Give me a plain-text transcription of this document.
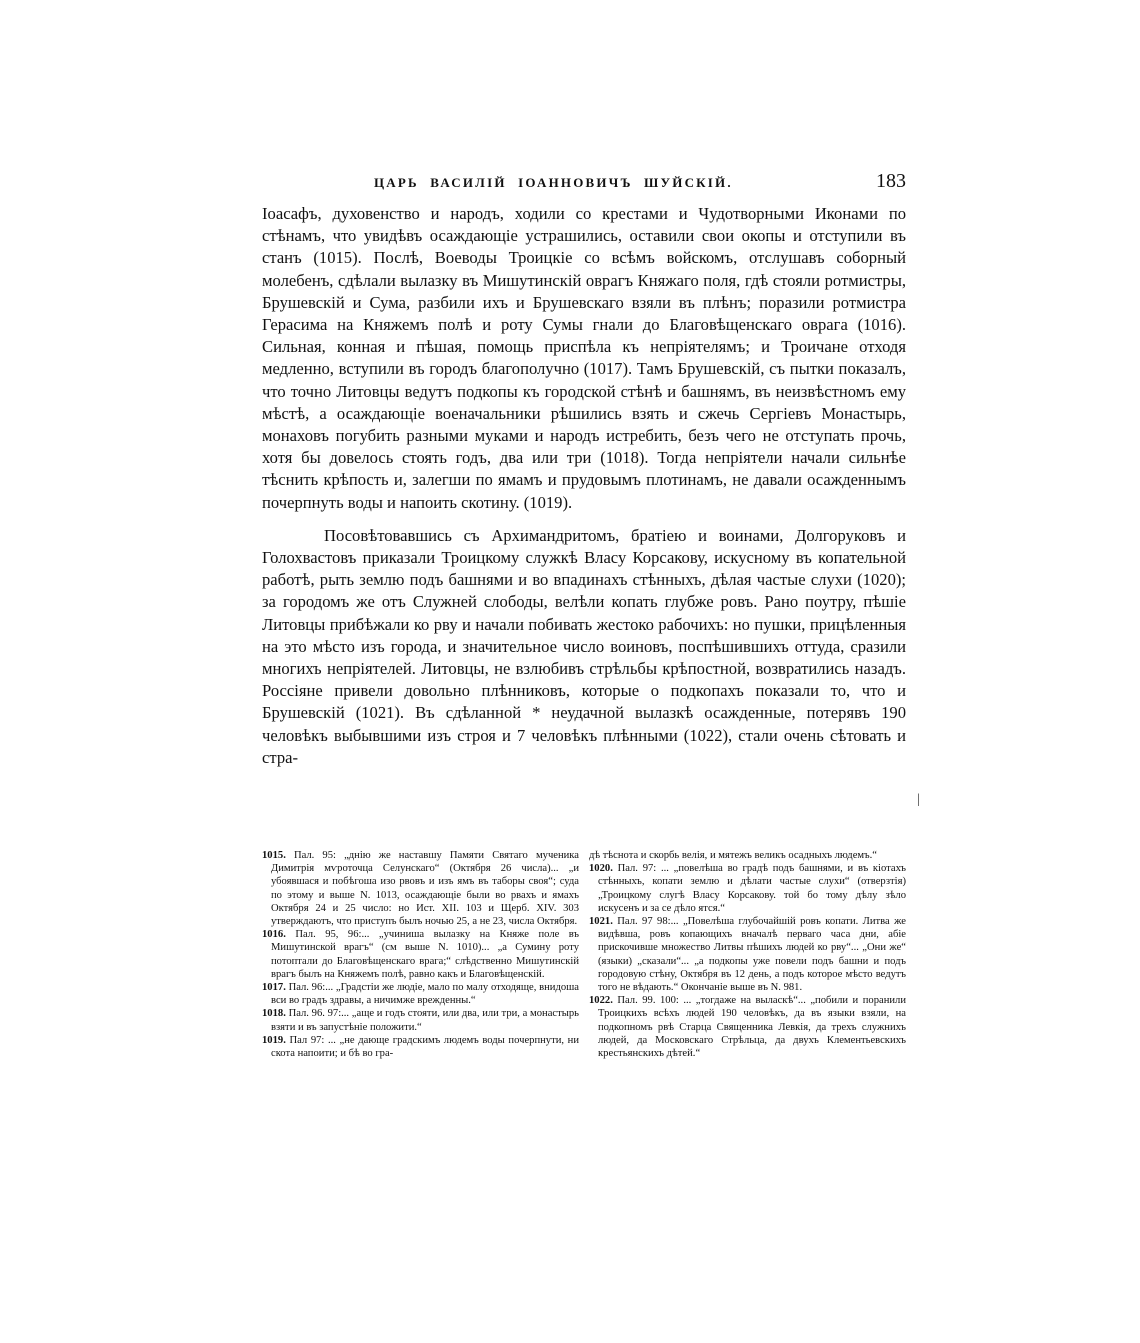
ЦАРЬ ВАСИЛІЙ ІОАННОВИЧЪ ШУЙСКІЙ.	183

Іоасафъ, духовенство и народъ, ходили со крестами и Чудотворными Иконами по стѣнамъ, что увидѣвъ осаждающіе устрашились, оставили свои окопы и отступили въ станъ (1015). Послѣ, Воеводы Троицкіе со всѣмъ войскомъ, отслушавъ соборный молебенъ, сдѣлали вылазку въ Мишутинскій оврагъ Княжаго поля, гдѣ стояли ротмистры, Брушевскій и Сума, разбили ихъ и Брушевскаго взяли въ плѣнъ; поразили ротмистра Герасима на Княжемъ полѣ и роту Сумы гнали до Благовѣщенскаго оврага (1016). Сильная, конная и пѣшая, помощь приспѣла къ непріятелямъ; и Троичане отходя медленно, вступили въ городъ благополучно (1017). Тамъ Брушевскій, съ пытки показалъ, что точно Литовцы ведутъ подкопы къ городской стѣнѣ и башнямъ, въ неизвѣстномъ ему мѣстѣ, а осаждающіе военачальники рѣшились взять и сжечь Сергіевъ Монастырь, монаховъ погубить разными муками и народъ истребить, безъ чего не отступать прочь, хотя бы довелось стоять годъ, два или три (1018). Тогда непріятели начали сильнѣе тѣснить крѣпость и, залегши по ямамъ и прудовымъ плотинамъ, не давали осажденнымъ почерпнуть воды и напоить скотину. (1019).

Посовѣтовавшись съ Архимандритомъ, братіею и воинами, Долгоруковъ и Голохвастовъ приказали Троицкому служкѣ Власу Корсакову, искусному въ копательной работѣ, рыть землю подъ башнями и во впадинахъ стѣнныхъ, дѣлая частые слухи (1020); за городомъ же отъ Служней слободы, велѣли копать глубже ровъ. Рано поутру, пѣшіе Литовцы прибѣжали ко рву и начали побивать жестоко рабочихъ: но пушки, прицѣленныя на это мѣсто изъ города, и значительное число воиновъ, поспѣшившихъ оттуда, сразили многихъ непріятелей. Литовцы, не взлюбивъ стрѣльбы крѣпостной, возвратились назадъ. Россіяне привели довольно плѣнниковъ, которые о подкопахъ показали то, что и Брушевскій (1021). Въ сдѣланной * неудачной вылазкѣ осажденные, потерявъ 190 человѣкъ выбывшими изъ строя и 7 человѣкъ плѣнными (1022), стали очень сѣтовать и стра-

|

1015. Пал. 95: „днію же наставшу Памяти Святаго мученика Димитрія мѵроточца Селунскаго“ (Октября 26 числа)... „и убоявшася и побѣгоша изо рвовъ и изъ ямъ въ таборы своя“; суда по этому и выше N. 1013, осаждающіе были во рвахъ и ямахъ Октября 24 и 25 число: но Ист. XII. 103 и Щерб. XIV. 303 утверждаютъ, что приступъ былъ ночью 25, а не 23, числа Октября.

1016. Пал. 95, 96:... „учиниша вылазку на Княже поле въ Мишутинской врагъ“ (см выше N. 1010)... „а Сумину роту потоптали до Благовѣщенскаго врага;“ слѣдственно Мишутинскій врагъ былъ на Княжемъ полѣ, равно какъ и Благовѣщенскій.

1017. Пал. 96:... „Градстіи же людіе, мало по малу отходяще, внидоша вси во градъ здравы, а ничимже врежденны.“

1018. Пал. 96. 97:... „аще и годъ стояти, или два, или три, а монастырь взяти и въ запустѣніе положити.“

1019. Пал 97: ... „не дающе градскимъ людемъ воды почерпнути, ни скота напоити; и бѣ во гра-

дѣ тѣснота и скорбь велія, и мятежъ великъ осадныхъ людемъ.“

1020. Пал. 97: ... „повелѣша во градѣ подъ башнями, и въ кіотахъ стѣнныхъ, копати землю и дѣлати частые слухи“ (отверзтія) „Троицкому слугѣ Власу Корсакову. той бо тому дѣлу зѣло искусенъ и за се дѣло ятся.“

1021. Пал. 97 98:... „Повелѣша глубочайшій ровъ копати. Литва же видѣвша, ровъ копающихъ вначалѣ перваго часа дни, абіе прискочивше множество Литвы пѣшихъ людей ко рву“... „Они же“ (языки) „сказали“... „а подкопы уже повели подъ башни и подъ городовую стѣну, Октября въ 12 день, а подъ которое мѣсто ведутъ того не вѣдають.“ Окончаніе выше въ N. 981.

1022. Пал. 99. 100: ... „тогдаже на выласкѣ“... „побили и поранили Троицкихъ всѣхъ людей 190 человѣкъ, да въ языки взяли, на подкопномъ рвѣ Старца Священника Левкія, да трехъ служнихъ людей, да Московскаго Стрѣльца, да двухъ Клементьевскихъ крестьянскихъ дѣтей.“
